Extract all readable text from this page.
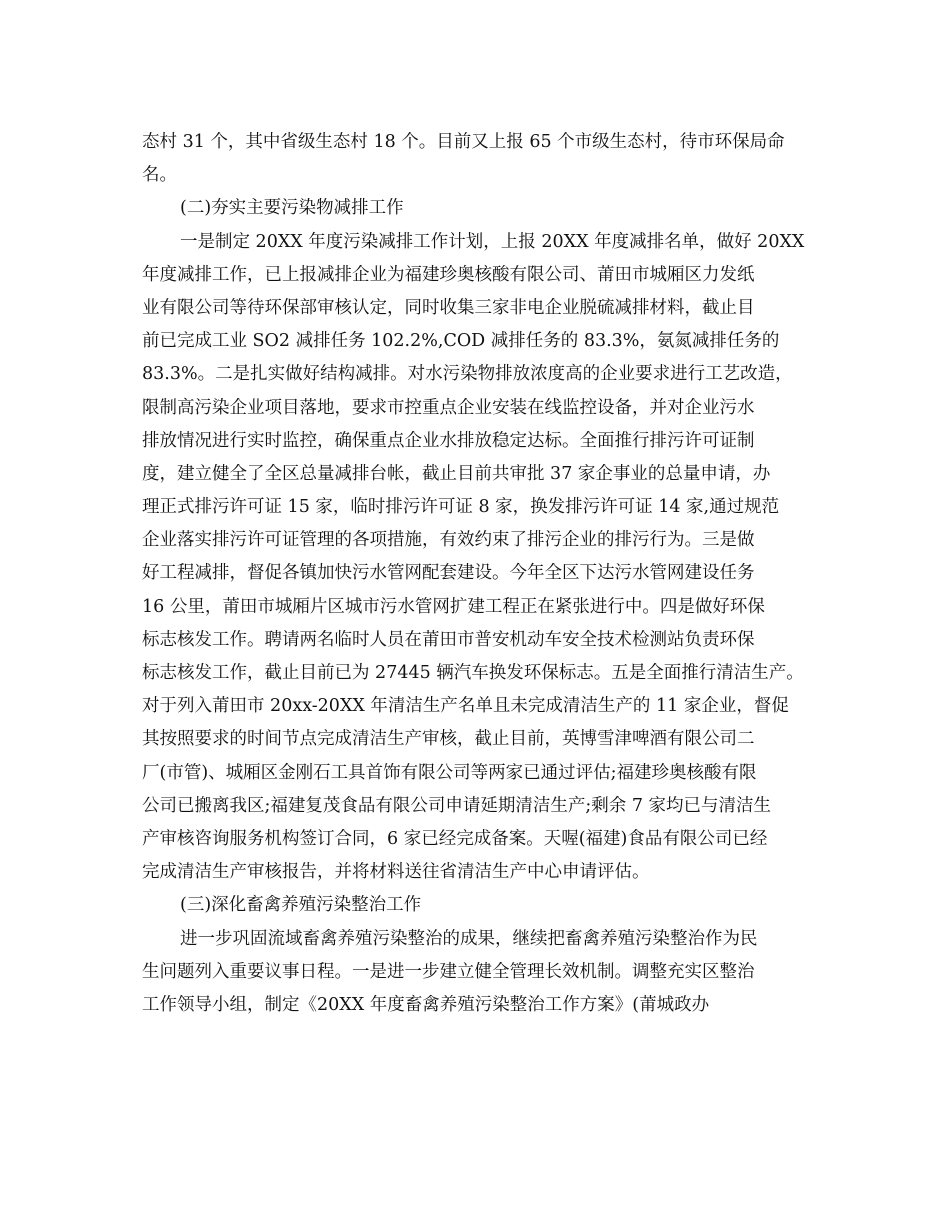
态村 31 个，其中省级生态村 18 个。目前又上报 65 个市级生态村，待市环保局命
名。
(二)夯实主要污染物减排工作
一是制定 20XX 年度污染减排工作计划，上报 20XX 年度减排名单，做好 20XX
年度减排工作，已上报减排企业为福建珍奥核酸有限公司、莆田市城厢区力发纸
业有限公司等待环保部审核认定，同时收集三家非电企业脱硫减排材料，截止目
前已完成工业 SO2 减排任务 102.2%,COD 减排任务的 83.3%，氨氮减排任务的
83.3%。二是扎实做好结构减排。对水污染物排放浓度高的企业要求进行工艺改造，
限制高污染企业项目落地，要求市控重点企业安装在线监控设备，并对企业污水
排放情况进行实时监控，确保重点企业水排放稳定达标。全面推行排污许可证制
度，建立健全了全区总量减排台帐，截止目前共审批 37 家企事业的总量申请，办
理正式排污许可证 15 家，临时排污许可证 8 家，换发排污许可证 14 家,通过规范
企业落实排污许可证管理的各项措施，有效约束了排污企业的排污行为。三是做
好工程减排，督促各镇加快污水管网配套建设。今年全区下达污水管网建设任务
16 公里，莆田市城厢片区城市污水管网扩建工程正在紧张进行中。四是做好环保
标志核发工作。聘请两名临时人员在莆田市普安机动车安全技术检测站负责环保
标志核发工作，截止目前已为 27445 辆汽车换发环保标志。五是全面推行清洁生产。
对于列入莆田市 20xx-20XX 年清洁生产名单且未完成清洁生产的 11 家企业，督促
其按照要求的时间节点完成清洁生产审核，截止目前，英博雪津啤酒有限公司二
厂(市管)、城厢区金刚石工具首饰有限公司等两家已通过评估;福建珍奥核酸有限
公司已搬离我区;福建复茂食品有限公司申请延期清洁生产;剩余 7 家均已与清洁生
产审核咨询服务机构签订合同，6 家已经完成备案。天喔(福建)食品有限公司已经
完成清洁生产审核报告，并将材料送往省清洁生产中心申请评估。
(三)深化畜禽养殖污染整治工作
进一步巩固流域畜禽养殖污染整治的成果，继续把畜禽养殖污染整治作为民
生问题列入重要议事日程。一是进一步建立健全管理长效机制。调整充实区整治
工作领导小组，制定《20XX 年度畜禽养殖污染整治工作方案》(莆城政办
